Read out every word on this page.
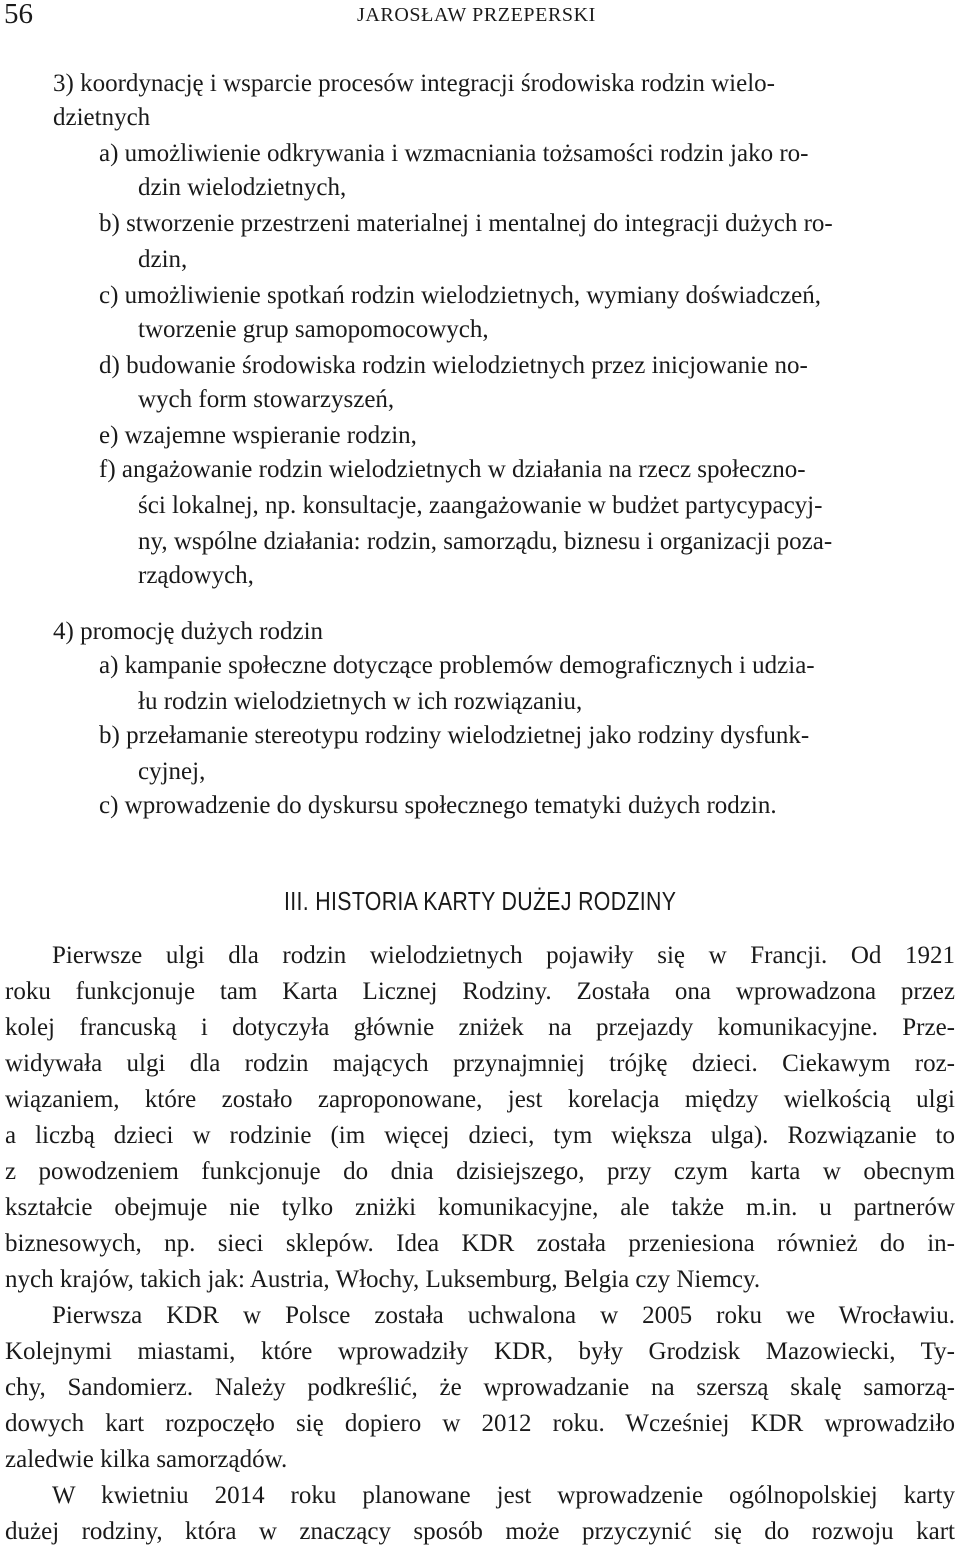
56	JAROSŁAW PRZEPERSKI
3) koordynację i wsparcie procesów integracji środowiska rodzin wielo-
dzietnych
a) umożliwienie odkrywania i wzmacniania tożsamości rodzin jako ro-
dzin wielodzietnych,
b) stworzenie przestrzeni materialnej i mentalnej do integracji dużych ro-
dzin,
c) umożliwienie spotkań rodzin wielodzietnych, wymiany doświadczeń,
tworzenie grup samopomocowych,
d) budowanie środowiska rodzin wielodzietnych przez inicjowanie no-
wych form stowarzyszeń,
e) wzajemne wspieranie rodzin,
f) angażowanie rodzin wielodzietnych w działania na rzecz społeczno-
ści lokalnej, np. konsultacje, zaangażowanie w budżet partycypacyj-
ny, wspólne działania: rodzin, samorządu, biznesu i organizacji poza-
rządowych,
4) promocję dużych rodzin
a) kampanie społeczne dotyczące problemów demograficznych i udzia-
łu rodzin wielodzietnych w ich rozwiązaniu,
b) przełamanie stereotypu rodziny wielodzietnej jako rodziny dysfunk-
cyjnej,
c) wprowadzenie do dyskursu społecznego tematyki dużych rodzin.
III. HISTORIA KARTY DUŻEJ RODZINY
Pierwsze ulgi dla rodzin wielodzietnych pojawiły się w Francji. Od 1921
roku funkcjonuje tam Karta Licznej Rodziny. Została ona wprowadzona przez
kolej francuską i dotyczyła głównie zniżek na przejazdy komunikacyjne. Prze-
widywała ulgi dla rodzin mających przynajmniej trójkę dzieci. Ciekawym roz-
wiązaniem, które zostało zaproponowane, jest korelacja między wielkością ulgi
a liczbą dzieci w rodzinie (im więcej dzieci, tym większa ulga). Rozwiązanie to
z powodzeniem funkcjonuje do dnia dzisiejszego, przy czym karta w obecnym
kształcie obejmuje nie tylko zniżki komunikacyjne, ale także m.in. u partnerów
biznesowych, np. sieci sklepów. Idea KDR została przeniesiona również do in-
nych krajów, takich jak: Austria, Włochy, Luksemburg, Belgia czy Niemcy.
Pierwsza KDR w Polsce została uchwalona w 2005 roku we Wrocławiu.
Kolejnymi miastami, które wprowadziły KDR, były Grodzisk Mazowiecki, Ty-
chy, Sandomierz. Należy podkreślić, że wprowadzanie na szerszą skalę samorzą-
dowych kart rozpoczęło się dopiero w 2012 roku. Wcześniej KDR wprowadziło
zaledwie kilka samorządów.
W kwietniu 2014 roku planowane jest wprowadzenie ogólnopolskiej karty
dużej rodziny, która w znaczący sposób może przyczynić się do rozwoju kart
